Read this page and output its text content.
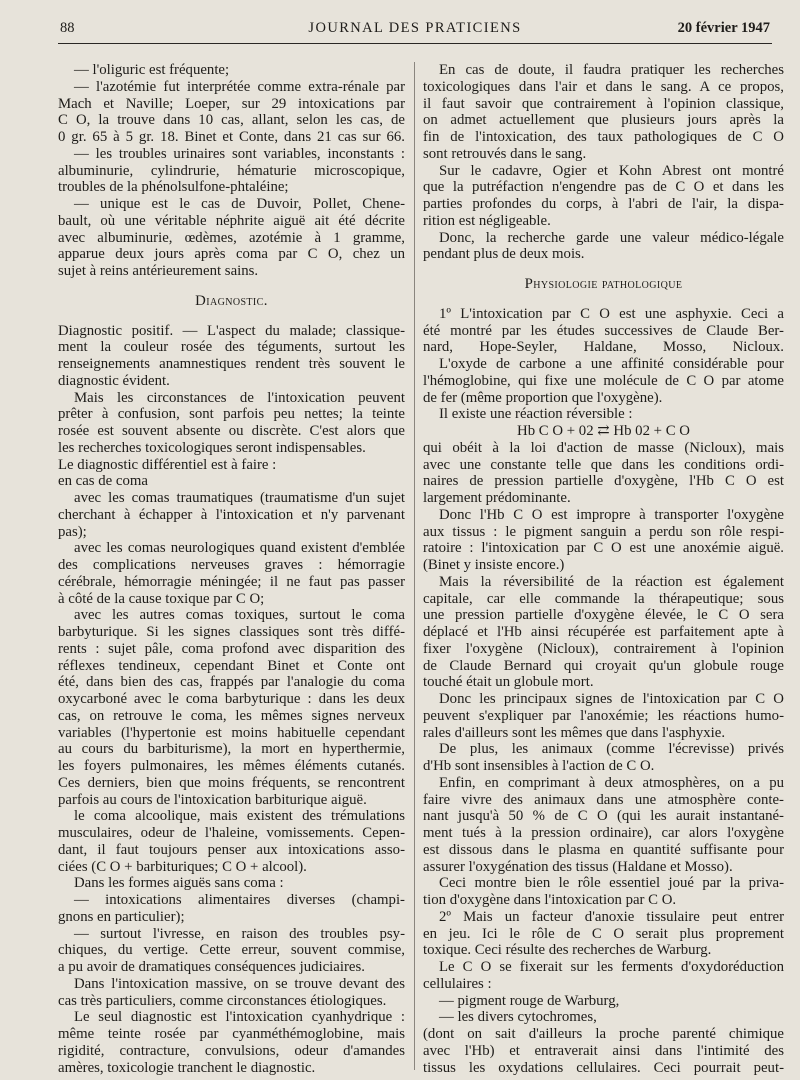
88	JOURNAL DES PRATICIENS	20 février 1947
— l'oliguric est fréquente;
— l'azotémie fut interprétée comme extra-rénale par
Mach et Naville; Loeper, sur 29 intoxications par
C O, la trouve dans 10 cas, allant, selon les cas, de
0 gr. 65 à 5 gr. 18. Binet et Conte, dans 21 cas sur 66.
— les troubles urinaires sont variables, inconstants :
albuminurie, cylindrurie, hématurie microscopique,
troubles de la phénolsulfone-phtaléine;
— unique est le cas de Duvoir, Pollet, Chene-
bault, où une véritable néphrite aiguë ait été décrite
avec albuminurie, œdèmes, azotémie à 1 gramme,
apparue deux jours après coma par C O, chez un
sujet à reins antérieurement sains.
Diagnostic.
Diagnostic positif. — L'aspect du malade; classique-
ment la couleur rosée des téguments, surtout les
renseignements anamnestiques rendent très souvent le
diagnostic évident.
Mais les circonstances de l'intoxication peuvent
prêter à confusion, sont parfois peu nettes; la teinte
rosée est souvent absente ou discrète. C'est alors que
les recherches toxicologiques seront indispensables.
Le diagnostic différentiel est à faire :
en cas de coma
avec les comas traumatiques (traumatisme d'un sujet
cherchant à échapper à l'intoxication et n'y parvenant
pas);
avec les comas neurologiques quand existent d'emblée
des complications nerveuses graves : hémorragie
cérébrale, hémorragie méningée; il ne faut pas passer
à côté de la cause toxique par C O;
avec les autres comas toxiques, surtout le coma
barbyturique. Si les signes classiques sont très diffé-
rents : sujet pâle, coma profond avec disparition des
réflexes tendineux, cependant Binet et Conte ont
été, dans bien des cas, frappés par l'analogie du coma
oxycarboné avec le coma barbyturique : dans les deux
cas, on retrouve le coma, les mêmes signes nerveux
variables (l'hypertonie est moins habituelle cependant
au cours du barbiturisme), la mort en hyperthermie,
les foyers pulmonaires, les mêmes éléments cutanés.
Ces derniers, bien que moins fréquents, se rencontrent
parfois au cours de l'intoxication barbiturique aiguë.
le coma alcoolique, mais existent des trémulations
musculaires, odeur de l'haleine, vomissements. Cepen-
dant, il faut toujours penser aux intoxications asso-
ciées (C O + barbituriques; C O + alcool).
Dans les formes aiguës sans coma :
— intoxications alimentaires diverses (champi-
gnons en particulier);
— surtout l'ivresse, en raison des troubles psy-
chiques, du vertige. Cette erreur, souvent commise,
a pu avoir de dramatiques conséquences judiciaires.
Dans l'intoxication massive, on se trouve devant des
cas très particuliers, comme circonstances étiologiques.
Le seul diagnostic est l'intoxication cyanhydrique :
même teinte rosée par cyanméthémoglobine, mais
rigidité, contracture, convulsions, odeur d'amandes
amères, toxicologie tranchent le diagnostic.
En cas de doute, il faudra pratiquer les recherches
toxicologiques dans l'air et dans le sang. A ce propos,
il faut savoir que contrairement à l'opinion classique,
on admet actuellement que plusieurs jours après la
fin de l'intoxication, des taux pathologiques de C O
sont retrouvés dans le sang.
Sur le cadavre, Ogier et Kohn Abrest ont montré
que la putréfaction n'engendre pas de C O et dans les
parties profondes du corps, à l'abri de l'air, la dispa-
rition est négligeable.
Donc, la recherche garde une valeur médico-légale
pendant plus de deux mois.
Physiologie pathologique
1º L'intoxication par C O est une asphyxie. Ceci a
été montré par les études successives de Claude Ber-
nard, Hope-Seyler, Haldane, Mosso, Nicloux.
L'oxyde de carbone a une affinité considérable pour
l'hémoglobine, qui fixe une molécule de C O par atome
de fer (même proportion que l'oxygène).
Il existe une réaction réversible :
Hb C O + 02 ⇄ Hb 02 + C O
qui obéit à la loi d'action de masse (Nicloux), mais
avec une constante telle que dans les conditions ordi-
naires de pression partielle d'oxygène, l'Hb C O est
largement prédominante.
Donc l'Hb C O est impropre à transporter l'oxygène
aux tissus : le pigment sanguin a perdu son rôle respi-
ratoire : l'intoxication par C O est une anoxémie aiguë.
(Binet y insiste encore.)
Mais la réversibilité de la réaction est également
capitale, car elle commande la thérapeutique; sous
une pression partielle d'oxygène élevée, le C O sera
déplacé et l'Hb ainsi récupérée est parfaitement apte à
fixer l'oxygène (Nicloux), contrairement à l'opinion
de Claude Bernard qui croyait qu'un globule rouge
touché était un globule mort.
Donc les principaux signes de l'intoxication par C O
peuvent s'expliquer par l'anoxémie; les réactions humo-
rales d'ailleurs sont les mêmes que dans l'asphyxie.
De plus, les animaux (comme l'écrevisse) privés
d'Hb sont insensibles à l'action de C O.
Enfin, en comprimant à deux atmosphères, on a pu
faire vivre des animaux dans une atmosphère conte-
nant jusqu'à 50 % de C O (qui les aurait instantané-
ment tués à la pression ordinaire), car alors l'oxygène
est dissous dans le plasma en quantité suffisante pour
assurer l'oxygénation des tissus (Haldane et Mosso).
Ceci montre bien le rôle essentiel joué par la priva-
tion d'oxygène dans l'intoxication par C O.
2º Mais un facteur d'anoxie tissulaire peut entrer
en jeu. Ici le rôle de C O serait plus proprement
toxique. Ceci résulte des recherches de Warburg.
Le C O se fixerait sur les ferments d'oxydoréduction
cellulaires :
— pigment rouge de Warburg,
— les divers cytochromes,
(dont on sait d'ailleurs la proche parenté chimique
avec l'Hb) et entraverait ainsi dans l'intimité des
tissus les oxydations cellulaires. Ceci pourrait peut-
